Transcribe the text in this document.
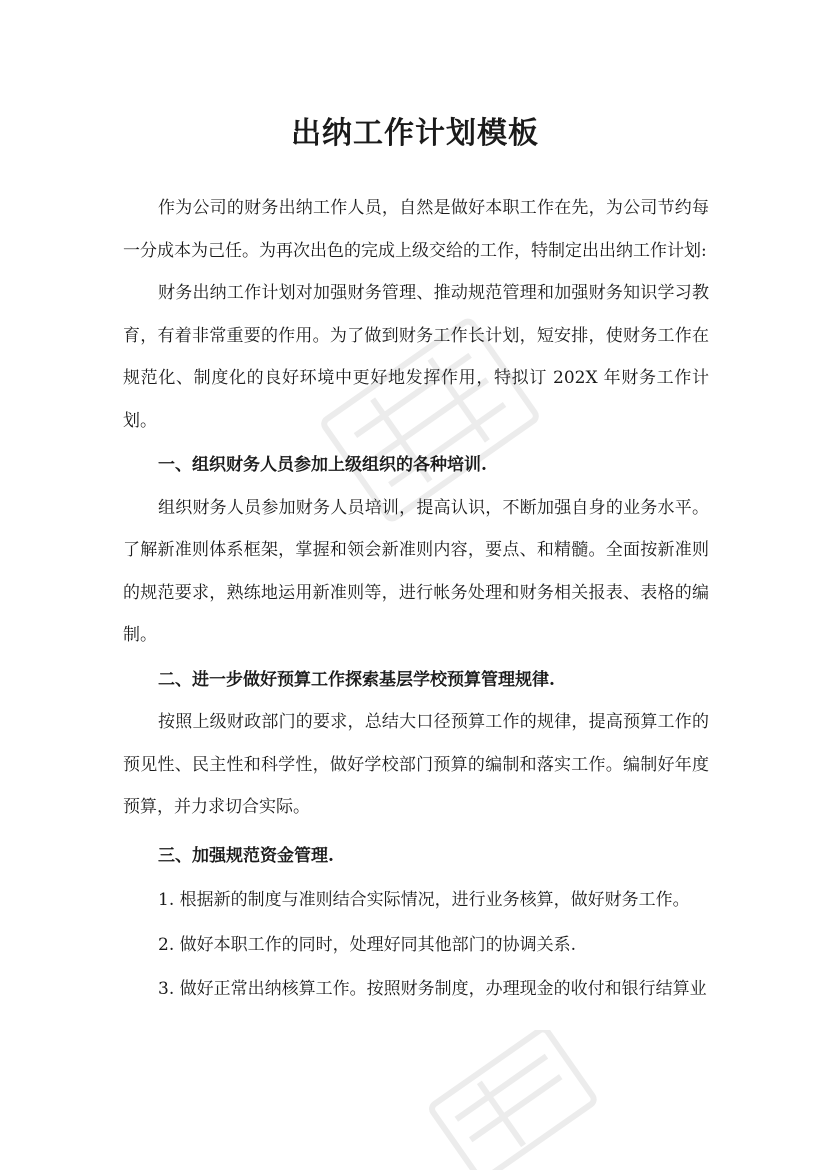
出纳工作计划模板

作为公司的财务出纳工作人员，自然是做好本职工作在先，为公司节约每一分成本为己任。为再次出色的完成上级交给的工作，特制定出出纳工作计划:

财务出纳工作计划对加强财务管理、推动规范管理和加强财务知识学习教育，有着非常重要的作用。为了做到财务工作长计划，短安排，使财务工作在规范化、制度化的良好环境中更好地发挥作用，特拟订 202X 年财务工作计划。

一、组织财务人员参加上级组织的各种培训.

组织财务人员参加财务人员培训，提高认识，不断加强自身的业务水平。了解新准则体系框架，掌握和领会新准则内容，要点、和精髓。全面按新准则的规范要求，熟练地运用新准则等，进行帐务处理和财务相关报表、表格的编制。

二、进一步做好预算工作探索基层学校预算管理规律.

按照上级财政部门的要求，总结大口径预算工作的规律，提高预算工作的预见性、民主性和科学性，做好学校部门预算的编制和落实工作。编制好年度预算，并力求切合实际。

三、加强规范资金管理.

1. 根据新的制度与准则结合实际情况，进行业务核算，做好财务工作。

2. 做好本职工作的同时，处理好同其他部门的协调关系.

3. 做好正常出纳核算工作。按照财务制度，办理现金的收付和银行结算业
